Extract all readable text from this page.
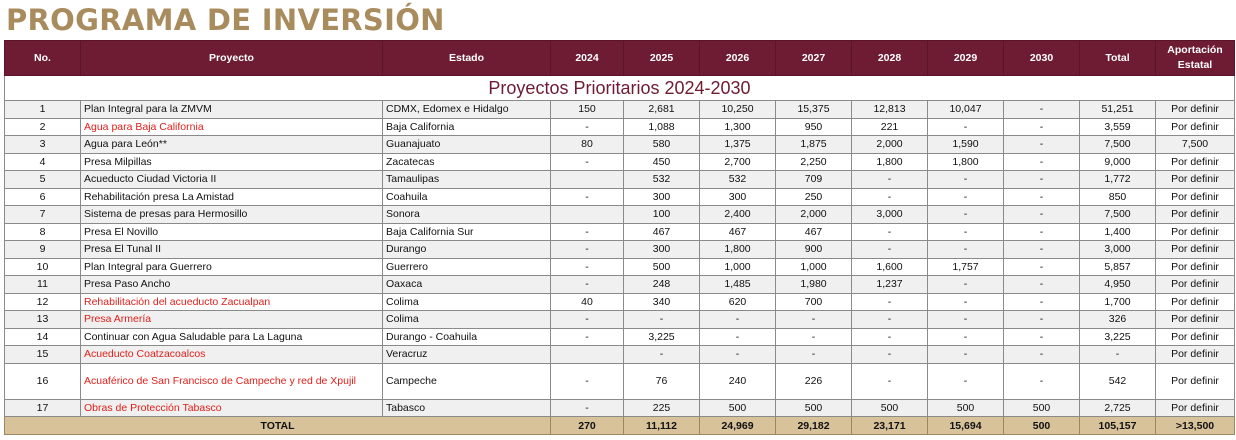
PROGRAMA DE INVERSIÓN
No.	Proyecto	Estado	2024	2025	2026	2027	2028	2029	2030	Total	Aportación Estatal
Proyectos Prioritarios 2024-2030											
1	Plan Integral para la ZMVM	CDMX, Edomex e Hidalgo	150	2,681	10,250	15,375	12,813	10,047	-	51,251	Por definir
2	Agua para Baja California	Baja California	-	1,088	1,300	950	221	-	-	3,559	Por definir
3	Agua para León**	Guanajuato	80	580	1,375	1,875	2,000	1,590	-	7,500	7,500
4	Presa Milpillas	Zacatecas	-	450	2,700	2,250	1,800	1,800	-	9,000	Por definir
5	Acueducto Ciudad Victoria II	Tamaulipas		532	532	709	-	-	-	1,772	Por definir
6	Rehabilitación presa La Amistad	Coahuila	-	300	300	250	-	-	-	850	Por definir
7	Sistema de presas para Hermosillo	Sonora		100	2,400	2,000	3,000	-	-	7,500	Por definir
8	Presa El Novillo	Baja California Sur	-	467	467	467	-	-	-	1,400	Por definir
9	Presa El Tunal II	Durango	-	300	1,800	900	-	-	-	3,000	Por definir
10	Plan Integral para Guerrero	Guerrero	-	500	1,000	1,000	1,600	1,757	-	5,857	Por definir
11	Presa Paso Ancho	Oaxaca	-	248	1,485	1,980	1,237	-	-	4,950	Por definir
12	Rehabilitación del acueducto Zacualpan	Colima	40	340	620	700	-	-	-	1,700	Por definir
13	Presa Armería	Colima	-	-	-	-	-	-	-	326	Por definir
14	Continuar con Agua Saludable para La Laguna	Durango - Coahuila	-	3,225	-	-	-	-	-	3,225	Por definir
15	Acueducto Coatzacoalcos	Veracruz		-	-	-	-	-	-	-	Por definir
16	Acuaférico de San Francisco de Campeche y red de Xpujil	Campeche	-	76	240	226	-	-	-	542	Por definir
17	Obras de Protección Tabasco	Tabasco	-	225	500	500	500	500	500	2,725	Por definir
TOTAL			270	11,112	24,969	29,182	23,171	15,694	500	105,157	>13,500
